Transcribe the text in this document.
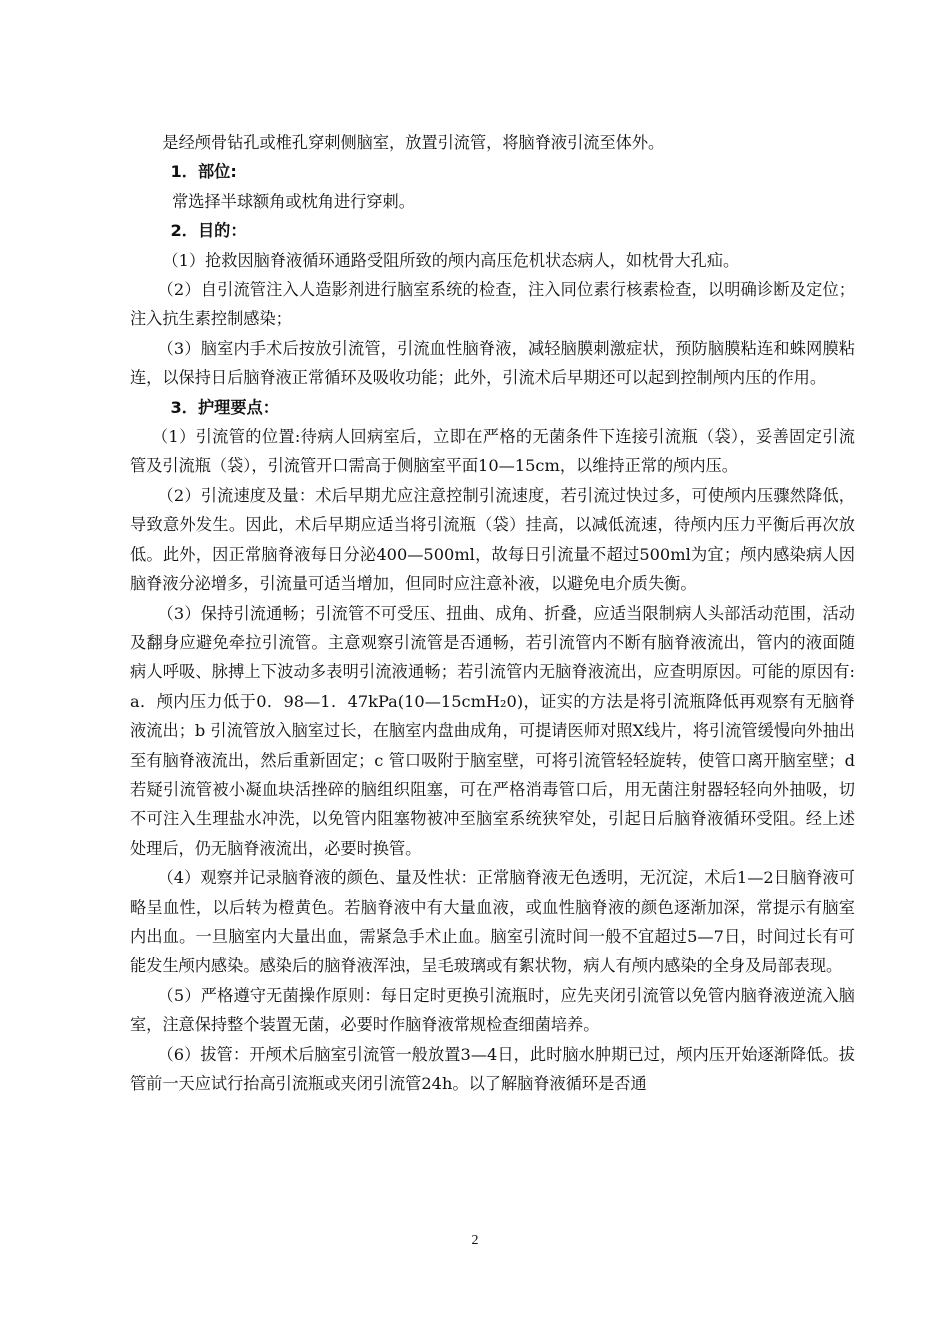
是经颅骨钻孔或椎孔穿刺侧脑室，放置引流管，将脑脊液引流至体外。

1．部位:

常选择半球额角或枕角进行穿刺。

2．目的：

（1）抢救因脑脊液循环通路受阻所致的颅内高压危机状态病人，如枕骨大孔疝。

（2）自引流管注入人造影剂进行脑室系统的检查，注入同位素行核素检查，以明确诊断及定位；注入抗生素控制感染；

（3）脑室内手术后按放引流管，引流血性脑脊液，减轻脑膜刺激症状，预防脑膜粘连和蛛网膜粘连，以保持日后脑脊液正常循环及吸收功能；此外，引流术后早期还可以起到控制颅内压的作用。

3．护理要点：

（1）引流管的位置:待病人回病室后，立即在严格的无菌条件下连接引流瓶（袋），妥善固定引流管及引流瓶（袋），引流管开口需高于侧脑室平面10—15cm，以维持正常的颅内压。

（2）引流速度及量：术后早期尤应注意控制引流速度，若引流过快过多，可使颅内压骤然降低，导致意外发生。因此，术后早期应适当将引流瓶（袋）挂高，以减低流速，待颅内压力平衡后再次放低。此外，因正常脑脊液每日分泌400—500ml，故每日引流量不超过500ml为宜；颅内感染病人因脑脊液分泌增多，引流量可适当增加，但同时应注意补液，以避免电介质失衡。

（3）保持引流通畅；引流管不可受压、扭曲、成角、折叠，应适当限制病人头部活动范围，活动及翻身应避免牵拉引流管。主意观察引流管是否通畅，若引流管内不断有脑脊液流出，管内的液面随病人呼吸、脉搏上下波动多表明引流液通畅；若引流管内无脑脊液流出，应查明原因。可能的原因有:a．颅内压力低于0．98—1．47kPa(10—15cmH₂0)，证实的方法是将引流瓶降低再观察有无脑脊液流出；b 引流管放入脑室过长，在脑室内盘曲成角，可提请医师对照X线片，将引流管缓慢向外抽出至有脑脊液流出，然后重新固定；c 管口吸附于脑室壁，可将引流管轻轻旋转，使管口离开脑室壁；d若疑引流管被小凝血块活挫碎的脑组织阻塞，可在严格消毒管口后，用无菌注射器轻轻向外抽吸，切不可注入生理盐水冲洗，以免管内阻塞物被冲至脑室系统狭窄处，引起日后脑脊液循环受阻。经上述处理后，仍无脑脊液流出，必要时换管。

（4）观察并记录脑脊液的颜色、量及性状：正常脑脊液无色透明，无沉淀，术后1—2日脑脊液可略呈血性，以后转为橙黄色。若脑脊液中有大量血液，或血性脑脊液的颜色逐渐加深，常提示有脑室内出血。一旦脑室内大量出血，需紧急手术止血。脑室引流时间一般不宜超过5—7日，时间过长有可能发生颅内感染。感染后的脑脊液浑浊，呈毛玻璃或有絮状物，病人有颅内感染的全身及局部表现。

（5）严格遵守无菌操作原则：每日定时更换引流瓶时，应先夹闭引流管以免管内脑脊液逆流入脑室，注意保持整个装置无菌，必要时作脑脊液常规检查细菌培养。

（6）拔管：开颅术后脑室引流管一般放置3—4日，此时脑水肿期已过，颅内压开始逐渐降低。拔管前一天应试行抬高引流瓶或夹闭引流管24h。以了解脑脊液循环是否通

2
